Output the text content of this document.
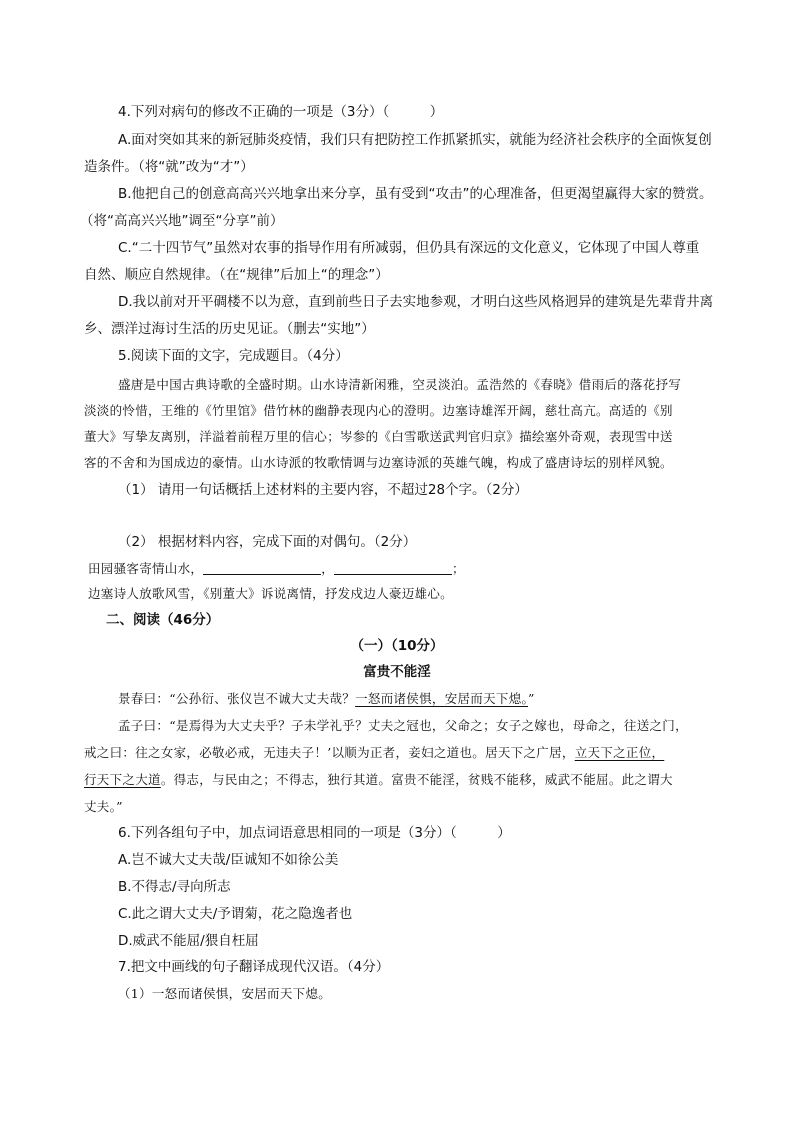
4.下列对病句的修改不正确的一项是（3分）（　　　）
A.面对突如其来的新冠肺炎疫情，我们只有把防控工作抓紧抓实，就能为经济社会秩序的全面恢复创
造条件。（将“就”改为“才”）
B.他把自己的创意高高兴兴地拿出来分享，虽有受到“攻击”的心理准备，但更渴望赢得大家的赞赏。
（将“高高兴兴地”调至“分享”前）
C.“二十四节气”虽然对农事的指导作用有所减弱，但仍具有深远的文化意义，它体现了中国人尊重
自然、顺应自然规律。（在“规律”后加上“的理念”）
D.我以前对开平碉楼不以为意，直到前些日子去实地参观，才明白这些风格迥异的建筑是先辈背井离
乡、漂洋过海讨生活的历史见证。（删去“实地”）
5.阅读下面的文字，完成题目。（4分）
盛唐是中国古典诗歌的全盛时期。山水诗清新闲雅，空灵淡泊。孟浩然的《春晓》借雨后的落花抒写
淡淡的怜惜，王维的《竹里馆》借竹林的幽静表现内心的澄明。边塞诗雄浑开阔，慈壮高亢。高适的《别
董大》写挚友离别，洋溢着前程万里的信心；岑参的《白雪歌送武判官归京》描绘塞外奇观，表现雪中送
客的不舍和为国成边的豪情。山水诗派的牧歌情调与边塞诗派的英雄气魄，构成了盛唐诗坛的别样风貌。
（1） 请用一句话概括上述材料的主要内容，不超过28个字。（2分）
（2） 根据材料内容，完成下面的对偶句。（2分）
田园骚客寄情山水，	，	；
边塞诗人放歌风雪，《别董大》诉说离情，抒发戍边人豪迈雄心。
二、阅读（46分）
（一）（10分）
富贵不能淫
景春曰：“公孙衍、张仪岂不诚大丈夫哉？一怒而诸侯惧，安居而天下熄。”
孟子曰：“是焉得为大丈夫乎？子未学礼乎？丈夫之冠也，父命之；女子之嫁也，母命之，往送之门，
戒之曰：往之女家，必敬必戒，无违夫子！’以顺为正者，妾妇之道也。居天下之广居，立天下之正位，
行天下之大道。得志，与民由之；不得志，独行其道。富贵不能淫，贫贱不能移，威武不能屈。此之谓大
丈夫。”
6.下列各组句子中，加点词语意思相同的一项是（3分）（　　　）
A.岂不诚大丈夫哉/臣诚知不如徐公美
B.不得志/寻向所志
C.此之谓大丈夫/予谓菊，花之隐逸者也
D.威武不能屈/猥自枉屈
7.把文中画线的句子翻译成现代汉语。（4分）
（1）一怒而诸侯惧，安居而天下熄。
